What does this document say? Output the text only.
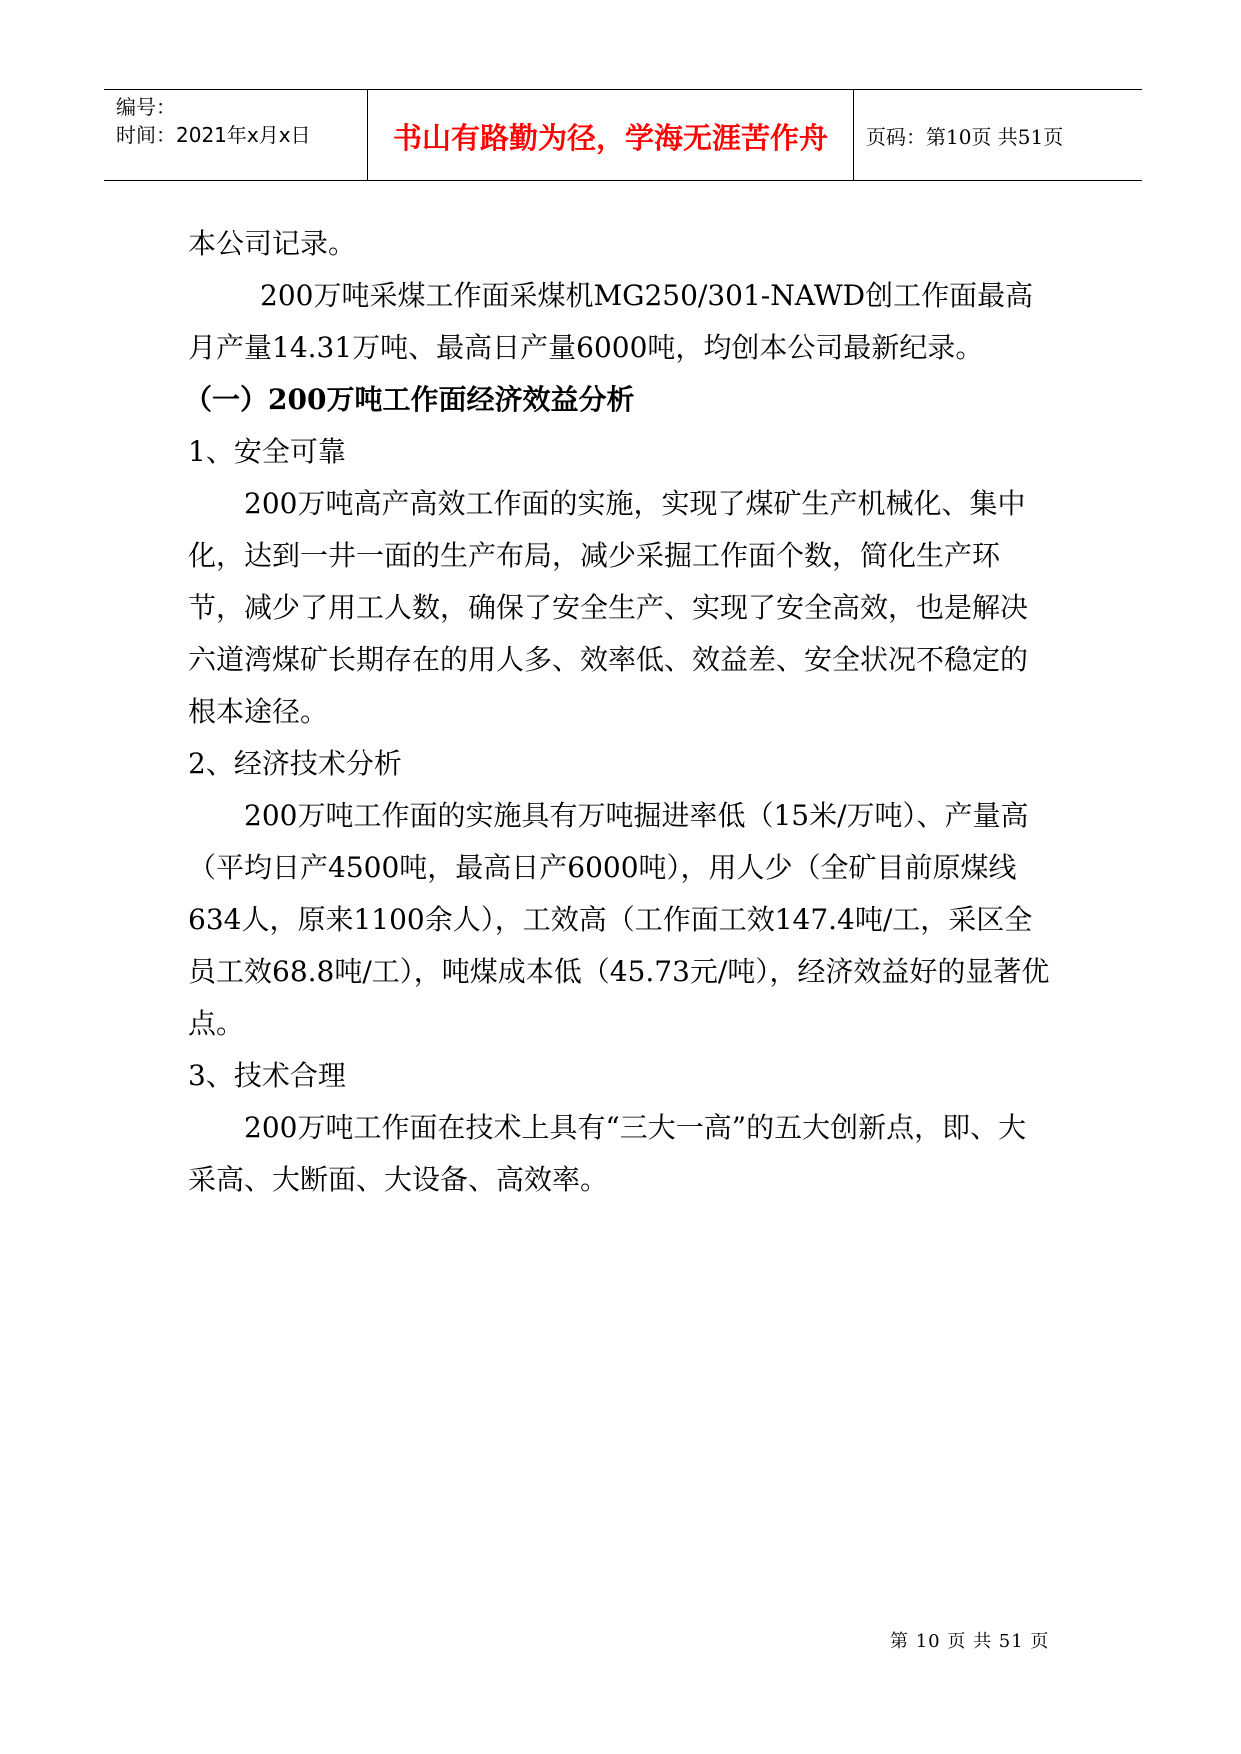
编号：
时间：2021年x月x日	书山有路勤为径，学海无涯苦作舟	页码：第10页 共51页

本公司记录。

200万吨采煤工作面采煤机MG250/301-NAWD创工作面最高月产量14.31万吨、最高日产量6000吨，均创本公司最新纪录。

（一）200万吨工作面经济效益分析

1、安全可靠

200万吨高产高效工作面的实施，实现了煤矿生产机械化、集中化，达到一井一面的生产布局，减少采掘工作面个数，简化生产环节，减少了用工人数，确保了安全生产、实现了安全高效，也是解决六道湾煤矿长期存在的用人多、效率低、效益差、安全状况不稳定的根本途径。

2、经济技术分析

200万吨工作面的实施具有万吨掘进率低（15米/万吨）、产量高（平均日产4500吨，最高日产6000吨），用人少（全矿目前原煤线634人，原来1100余人），工效高（工作面工效147.4吨/工，采区全员工效68.8吨/工），吨煤成本低（45.73元/吨），经济效益好的显著优点。

3、技术合理

200万吨工作面在技术上具有“三大一高”的五大创新点，即、大采高、大断面、大设备、高效率。

第 10 页 共 51 页
